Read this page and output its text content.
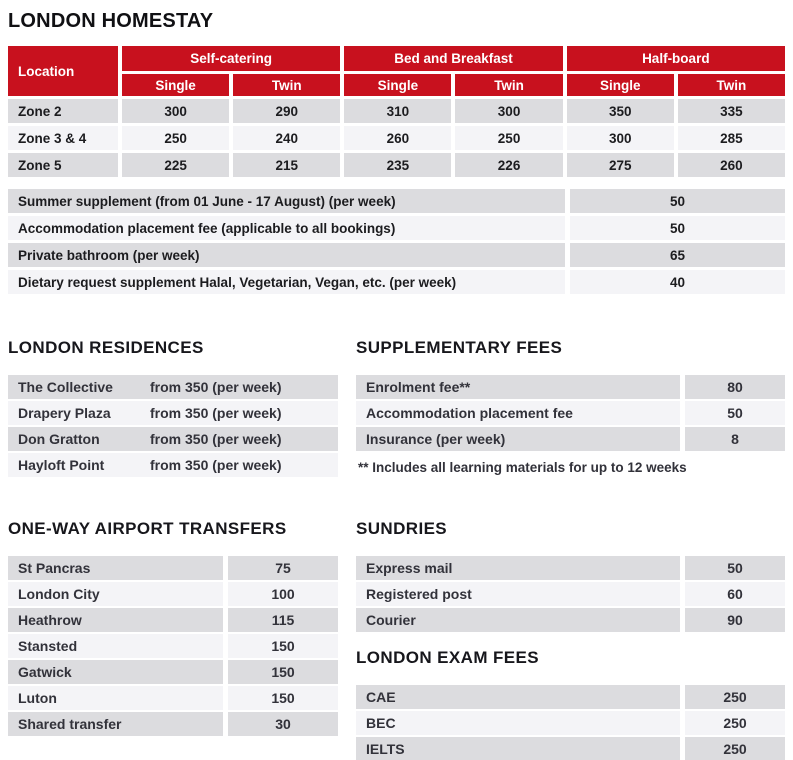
LONDON HOMESTAY
Location
Self-catering	Bed and Breakfast	Half-board
Single	Twin	Single	Twin	Single	Twin
Zone 2	300	290	310	300	350	335
Zone 3 & 4	250	240	260	250	300	285
Zone 5	225	215	235	226	275	260
Summer supplement (from 01 June - 17 August) (per week)	50
Accommodation placement fee (applicable to all bookings)	50
Private bathroom (per week)	65
Dietary request supplement Halal, Vegetarian, Vegan, etc. (per week)	40
LONDON RESIDENCES
The Collective	from 350 (per week)
Drapery Plaza	from 350 (per week)
Don Gratton	from 350 (per week)
Hayloft Point	from 350 (per week)
SUPPLEMENTARY FEES
Enrolment fee**	80
Accommodation placement fee	50
Insurance (per week)	8

** Includes all learning materials for up to 12 weeks

ONE-WAY AIRPORT TRANSFERS
St Pancras	75
London City	100
Heathrow	115
Stansted	150
Gatwick	150
Luton	150
Shared transfer	30
SUNDRIES
Express mail	50
Registered post	60
Courier	90
LONDON EXAM FEES
CAE	250
BEC	250
IELTS	250
